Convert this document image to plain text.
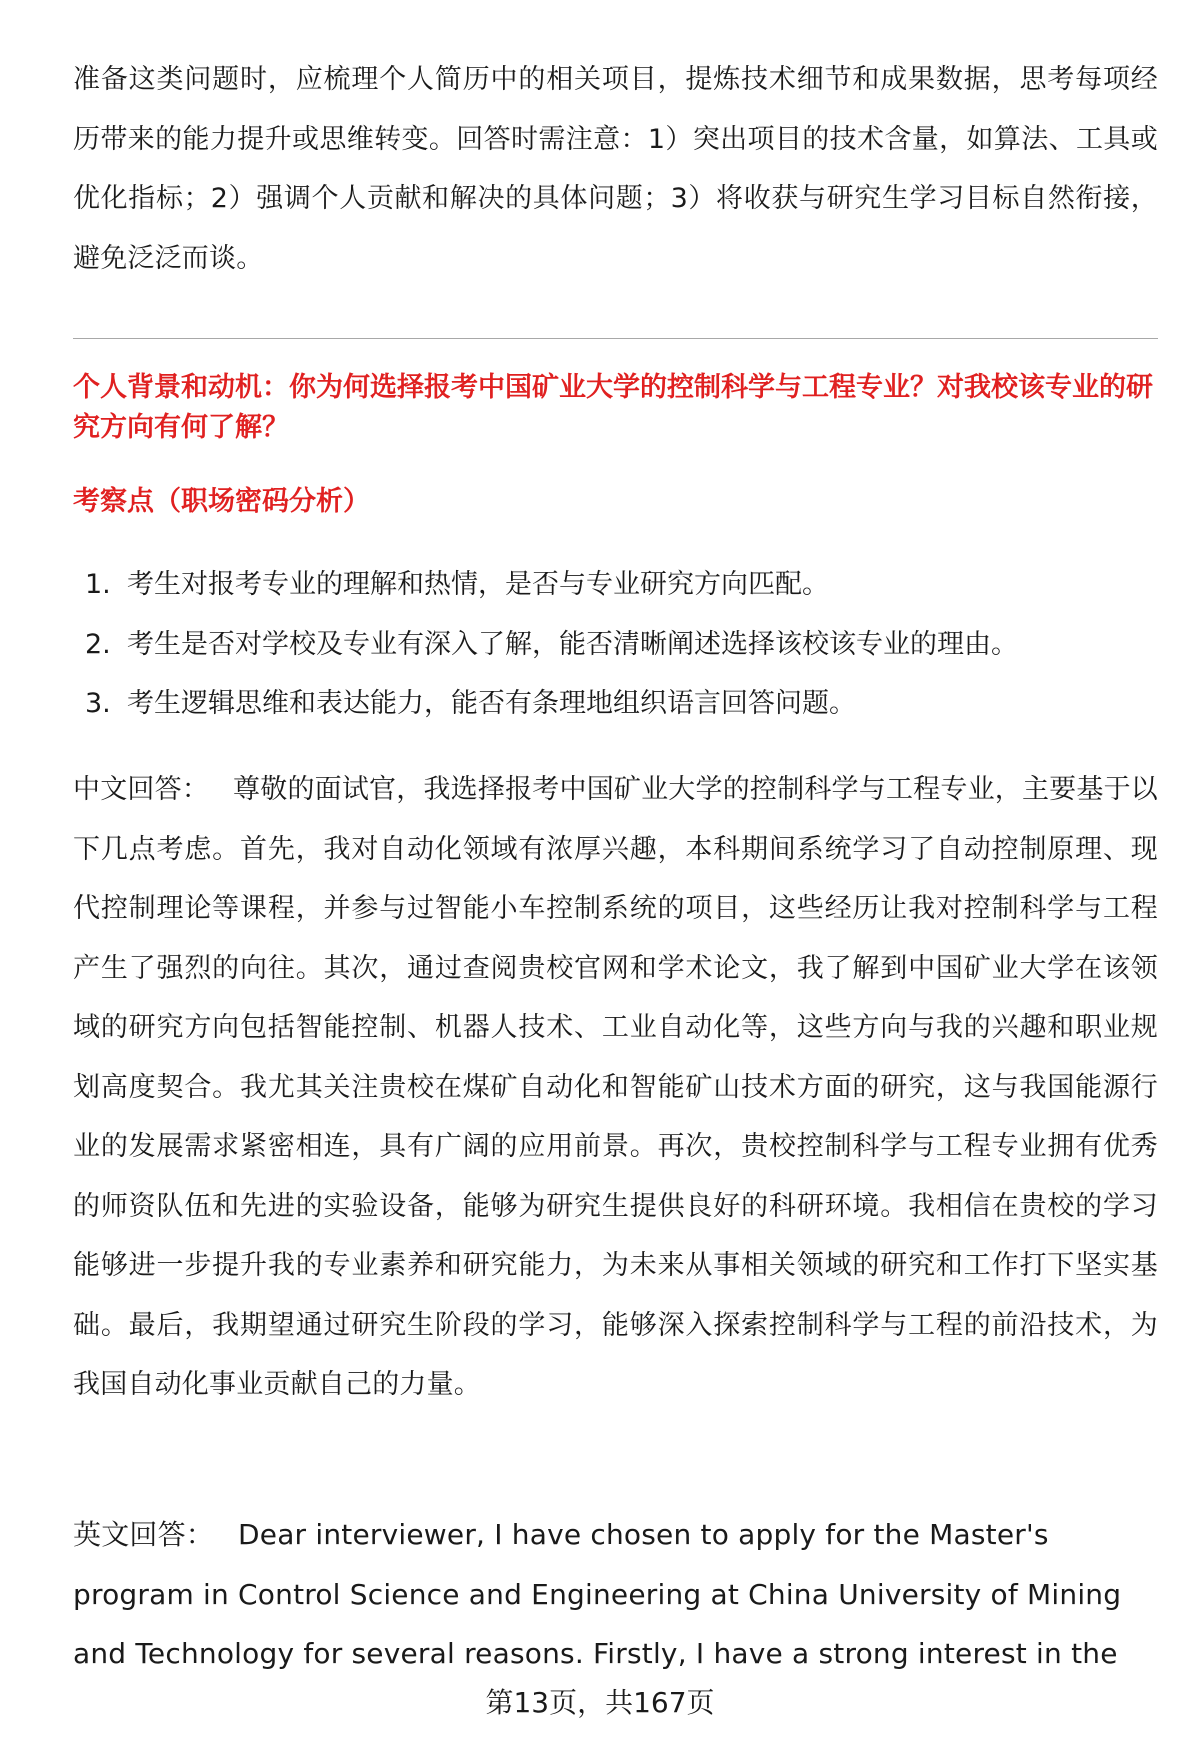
准备这类问题时，应梳理个人简历中的相关项目，提炼技术细节和成果数据，思考每项经历带来的能力提升或思维转变。回答时需注意：1）突出项目的技术含量，如算法、工具或优化指标；2）强调个人贡献和解决的具体问题；3）将收获与研究生学习目标自然衔接，避免泛泛而谈。

个人背景和动机：你为何选择报考中国矿业大学的控制科学与工程专业？对我校该专业的研究方向有何了解？
考察点（职场密码分析）
1. 考生对报考专业的理解和热情，是否与专业研究方向匹配。
2. 考生是否对学校及专业有深入了解，能否清晰阐述选择该校该专业的理由。
3. 考生逻辑思维和表达能力，能否有条理地组织语言回答问题。

中文回答： 尊敬的面试官，我选择报考中国矿业大学的控制科学与工程专业，主要基于以下几点考虑。首先，我对自动化领域有浓厚兴趣，本科期间系统学习了自动控制原理、现代控制理论等课程，并参与过智能小车控制系统的项目，这些经历让我对控制科学与工程产生了强烈的向往。其次，通过查阅贵校官网和学术论文，我了解到中国矿业大学在该领域的研究方向包括智能控制、机器人技术、工业自动化等，这些方向与我的兴趣和职业规划高度契合。我尤其关注贵校在煤矿自动化和智能矿山技术方面的研究，这与我国能源行业的发展需求紧密相连，具有广阔的应用前景。再次，贵校控制科学与工程专业拥有优秀的师资队伍和先进的实验设备，能够为研究生提供良好的科研环境。我相信在贵校的学习能够进一步提升我的专业素养和研究能力，为未来从事相关领域的研究和工作打下坚实基础。最后，我期望通过研究生阶段的学习，能够深入探索控制科学与工程的前沿技术，为我国自动化事业贡献自己的力量。

英文回答： Dear interviewer, I have chosen to apply for the Master's program in Control Science and Engineering at China University of Mining and Technology for several reasons. Firstly, I have a strong interest in the

第13页，共167页
